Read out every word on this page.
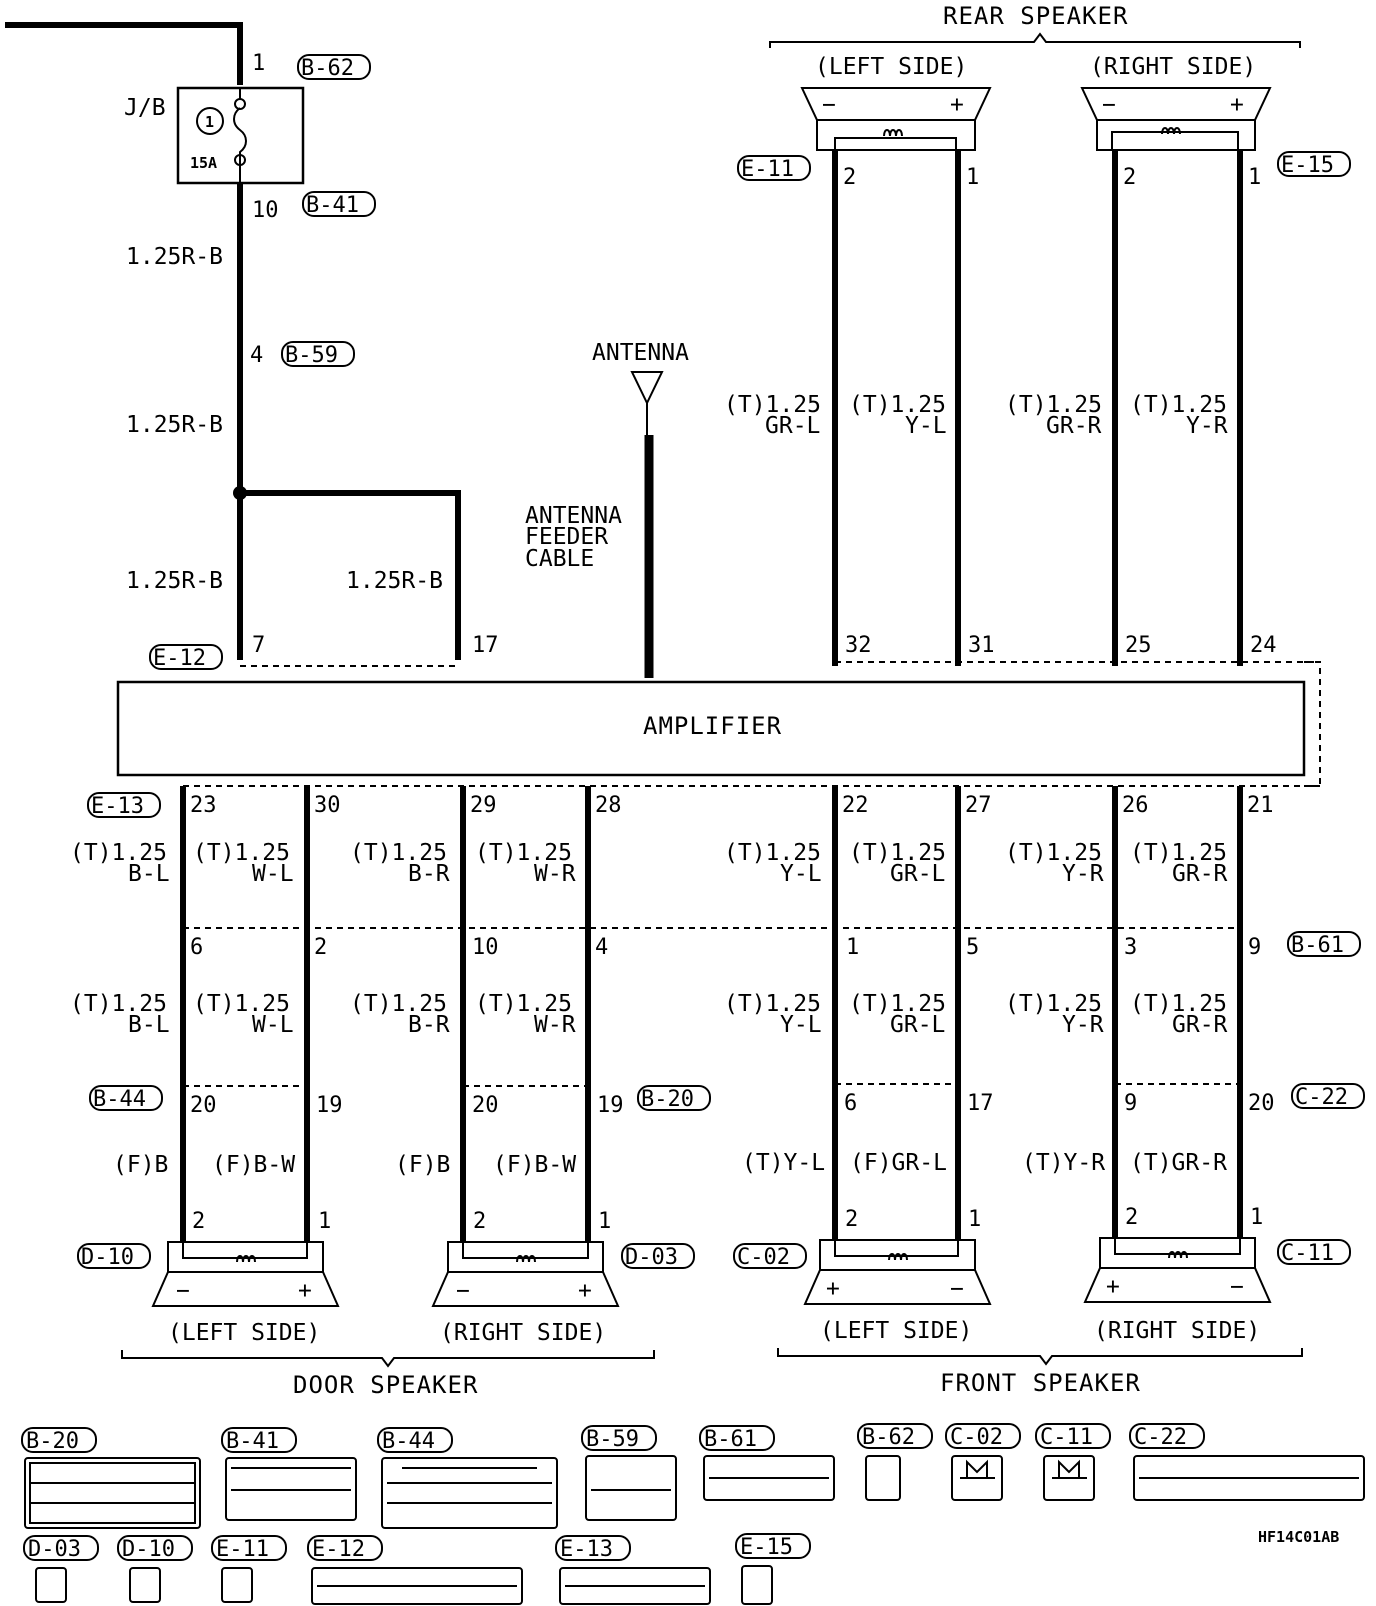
J/B
1
15A
1
10
4
7	17
1.25R-B
1.25R-B
1.25R-B	1.25R-B
B-62
B-41
B-59
E-12
ANTENNA
ANTENNA
FEEDER
CABLE
AMPLIFIER
REAR SPEAKER
(LEFT SIDE)	(RIGHT SIDE)
−	+	−	+
2	1	2	1
E-11	E-15
(T)1.25
GR-L
(T)1.25
Y-L
(T)1.25
GR-R
(T)1.25
Y-R
32	31	25	24
E-13 23	30	29	28	22	27	26	21
(T)1.25
B-L
(T)1.25
W-L
(T)1.25
B-R
(T)1.25
W-R
(T)1.25
Y-L
(T)1.25
GR-L
(T)1.25
Y-R
(T)1.25
GR-R
6	2	10	4	1	5	3	9 B-61
(T)1.25
B-L
(T)1.25
W-L
(T)1.25
B-R
(T)1.25
W-R
(T)1.25
Y-L
(T)1.25
GR-L
(T)1.25
Y-R
(T)1.25
GR-R
B-44	B-20	C-22
20	19	20	19	6	17	9	20
(F)B (F)B-W	(F)B (F)B-W	(T)Y-L (F)GR-L	(T)Y-R (T)GR-R
2	1	2	1	2	1	2	1
−	+	−	+	+	−	+	−
D-10	D-03	C-02	C-11
(LEFT SIDE)	(RIGHT SIDE)	(LEFT SIDE)	(RIGHT SIDE)
DOOR SPEAKER	FRONT SPEAKER
B-20	B-41	B-44	B-59	B-61	B-62 C-02 C-11 C-22
D-03 D-10 E-11 E-12	E-13	E-15	HF14C01AB
